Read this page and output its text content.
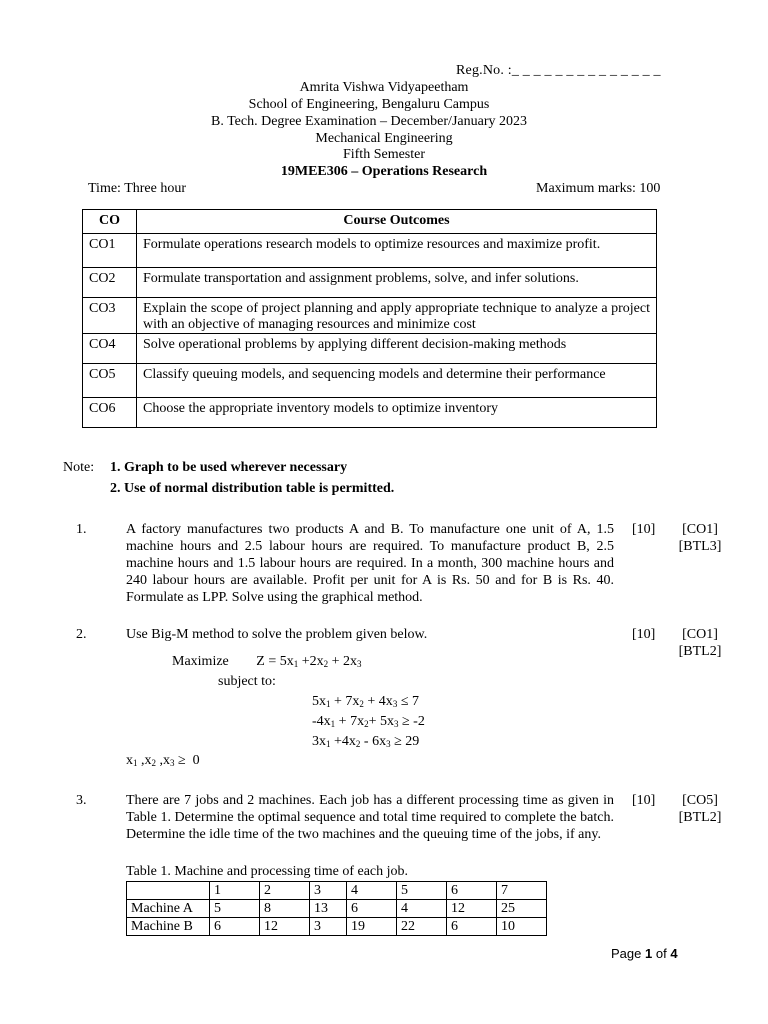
Reg.No. :_ _ _ _ _ _ _ _ _ _ _ _ _ _
Amrita Vishwa Vidyapeetham
School of Engineering, Bengaluru Campus
B. Tech. Degree Examination – December/January 2023
Mechanical Engineering
Fifth Semester
19MEE306 – Operations Research
Time: Three hour	Maximum marks: 100
CO	Course Outcomes
CO1	Formulate operations research models to optimize resources and maximize profit.
CO2	Formulate transportation and assignment problems, solve, and infer solutions.
CO3	Explain the scope of project planning and apply appropriate technique to analyze a project with an objective of managing resources and minimize cost
CO4	Solve operational problems by applying different decision-making methods
CO5	Classify queuing models, and sequencing models and determine their performance
CO6	Choose the appropriate inventory models to optimize inventory
Note: 1. Graph to be used wherever necessary
2. Use of normal distribution table is permitted.
1.	A factory manufactures two products A and B. To manufacture one unit of A, 1.5 machine hours and 2.5 labour hours are required. To manufacture product B, 2.5 machine hours and 1.5 labour hours are required. In a month, 300 machine hours and 240 labour hours are available. Profit per unit for A is Rs. 50 and for B is Rs. 40. Formulate as LPP. Solve using the graphical method.
[10]	[CO1]
[BTL3]
2.	Use Big-M method to solve the problem given below.	[10]	[CO1]
[BTL2]
Maximize $Z = 5x_1 +2x_2 + 2x_3$
subject to:
$5x_1 + 7x_2 + 4x_3 \le 7$
$-4x_1 + 7x_2+ 5x_3 \ge -2$
$3x_1 +4x_2 - 6x_3 \ge 29$
$x_1$ $,x_2$ $,x_3 \ge 0$
3.	There are 7 jobs and 2 machines. Each job has a different processing time as given in Table 1. Determine the optimal sequence and total time required to complete the batch. Determine the idle time of the two machines and the queuing time of the jobs, if any.
[10]	[CO5]
[BTL2]
Table 1. Machine and processing time of each job.
	1	2	3	4	5	6	7
Machine A	5	8	13	6	4	12	25
Machine B	6	12	3	19	22	6	10
Page 1 of 4
